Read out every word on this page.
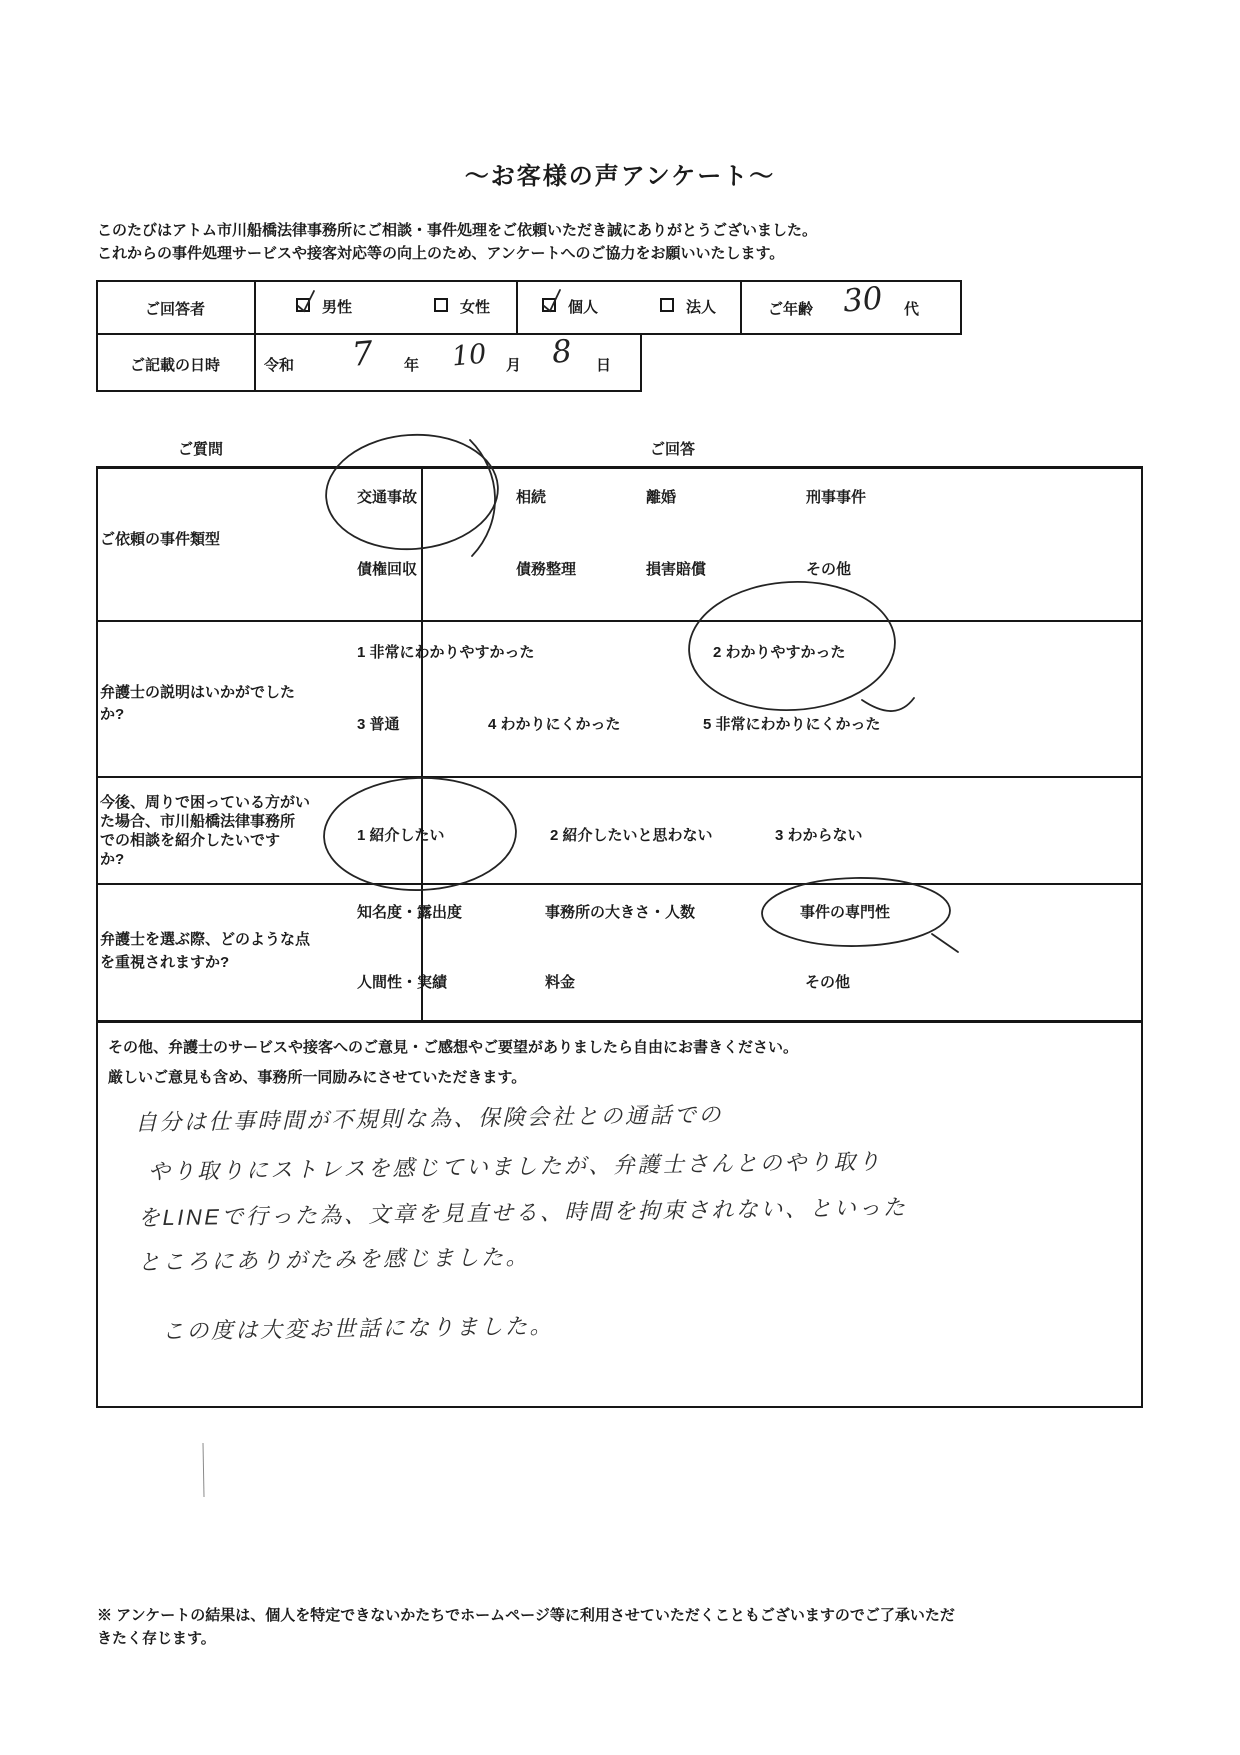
～お客様の声アンケート～
このたびはアトム市川船橋法律事務所にご相談・事件処理をご依頼いただき誠にありがとうございました。
これからの事件処理サービスや接客対応等の向上のため、アンケートへのご協力をお願いいたします。
ご回答者	男性	女性	個人	法人	ご年齢 30 代
ご記載の日時	令和 7 年 10 月 8 日
ご質問	ご回答
ご依頼の事件類型
交通事故	相続	離婚	刑事事件
債権回収	債務整理	損害賠償	その他
弁護士の説明はいかがでした
か?
1 非常にわかりやすかった	2 わかりやすかった
3 普通	4 わかりにくかった	5 非常にわかりにくかった
今後、周りで困っている方がい
た場合、市川船橋法律事務所
での相談を紹介したいです
か?
1 紹介したい	2 紹介したいと思わない	3 わからない
弁護士を選ぶ際、どのような点
を重視されますか?
知名度・露出度	事務所の大きさ・人数	事件の専門性
人間性・実績	料金	その他
その他、弁護士のサービスや接客へのご意見・ご感想やご要望がありましたら自由にお書きください。
厳しいご意見も含め、事務所一同励みにさせていただきます。
自分は仕事時間が不規則な為、保険会社との通話での
やり取りにストレスを感じていましたが、弁護士さんとのやり取り
をLINEで行った為、文章を見直せる、時間を拘束されない、といった
ところにありがたみを感じました。
この度は大変お世話になりました。
※ アンケートの結果は、個人を特定できないかたちでホームページ等に利用させていただくこともございますのでご了承いただ
きたく存じます。
